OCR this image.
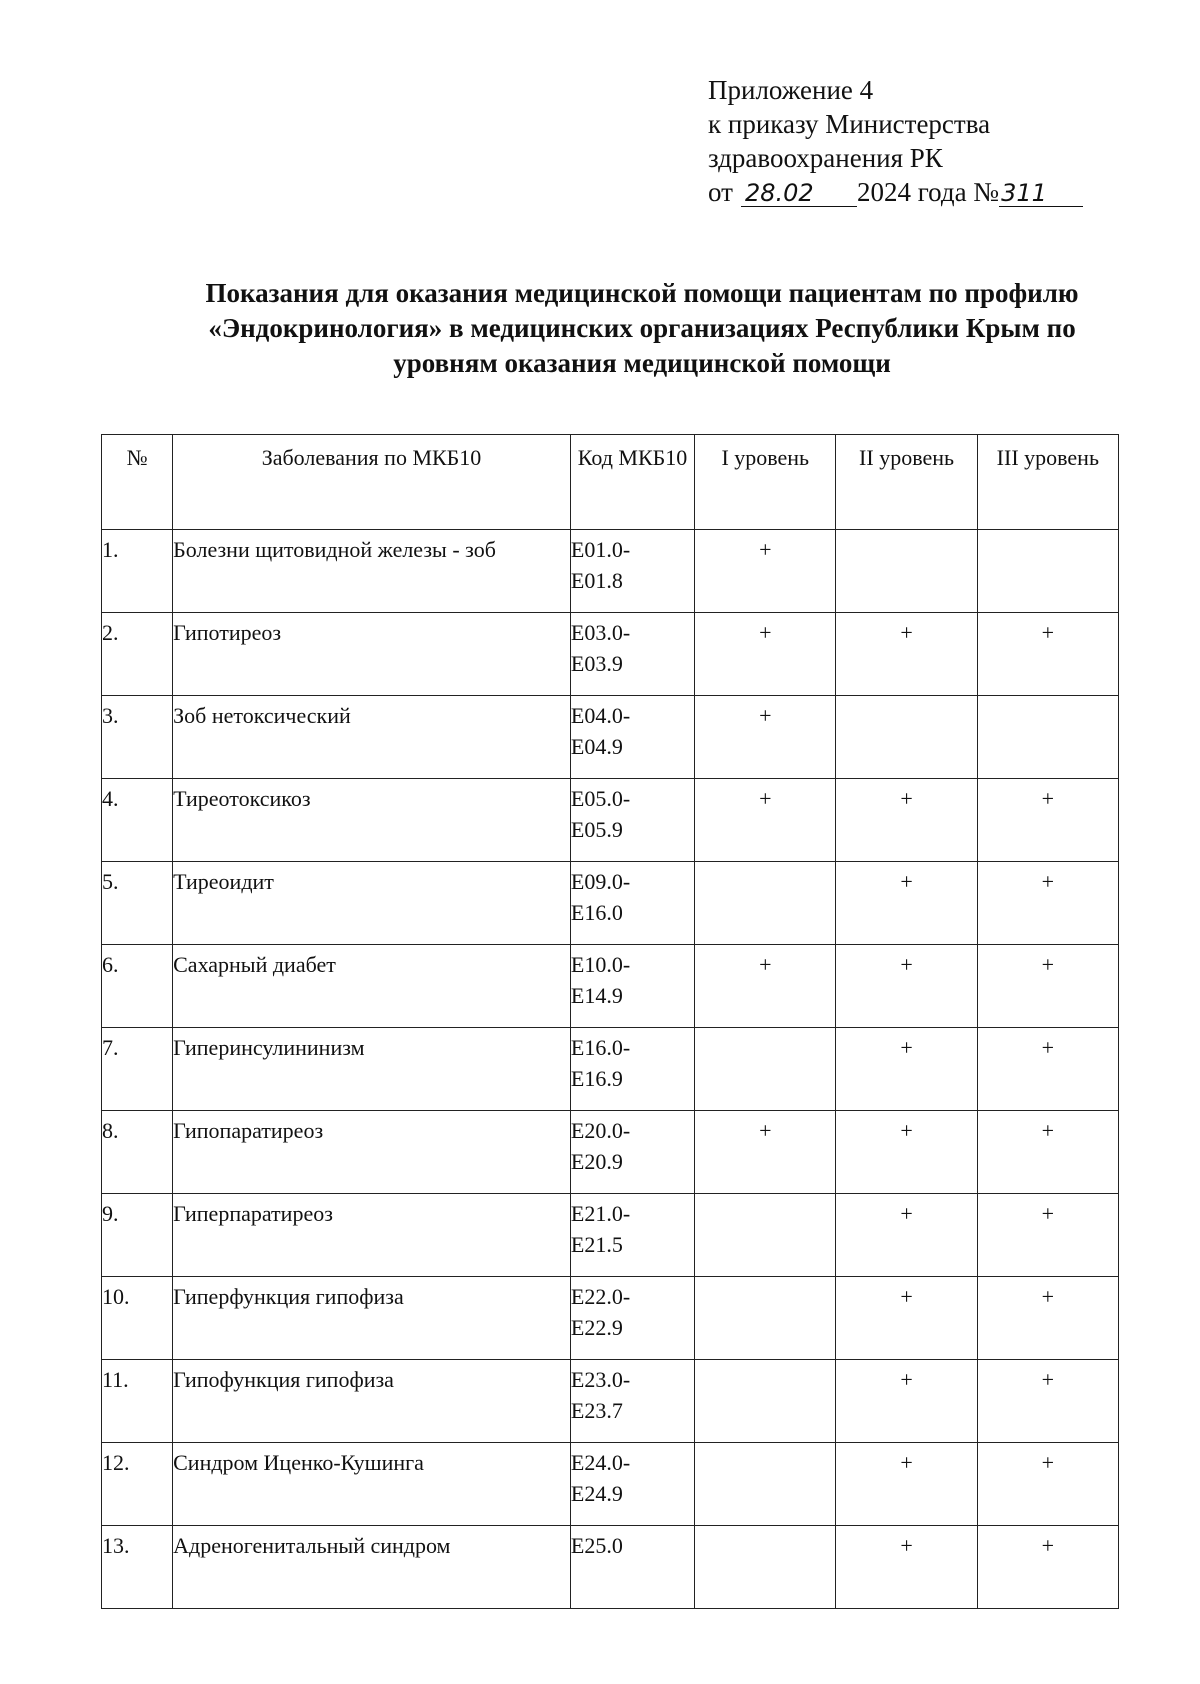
Приложение 4
к приказу Министерства
здравоохранения РК
от 28.02 2024 года №311
Показания для оказания медицинской помощи пациентам по профилю
«Эндокринология» в медицинских организациях Республики Крым по
уровням оказания медицинской помощи
№	Заболевания по МКБ10	Код МКБ10	I уровень	II уровень	III уровень
1.	Болезни щитовидной железы - зоб	E01.0-
E01.8	+		
2.	Гипотиреоз	E03.0-
E03.9	+	+	+
3.	Зоб нетоксический	E04.0-
E04.9	+		
4.	Тиреотоксикоз	E05.0-
E05.9	+	+	+
5.	Тиреоидит	E09.0-
E16.0		+	+
6.	Сахарный диабет	E10.0-
E14.9	+	+	+
7.	Гиперинсулининизм	E16.0-
E16.9		+	+
8.	Гипопаратиреоз	E20.0-
E20.9	+	+	+
9.	Гиперпаратиреоз	E21.0-
E21.5		+	+
10.	Гиперфункция гипофиза	E22.0-
E22.9		+	+
11.	Гипофункция гипофиза	E23.0-
E23.7		+	+
12.	Синдром Иценко-Кушинга	E24.0-
E24.9		+	+
13.	Адреногенитальный синдром	E25.0		+	+
